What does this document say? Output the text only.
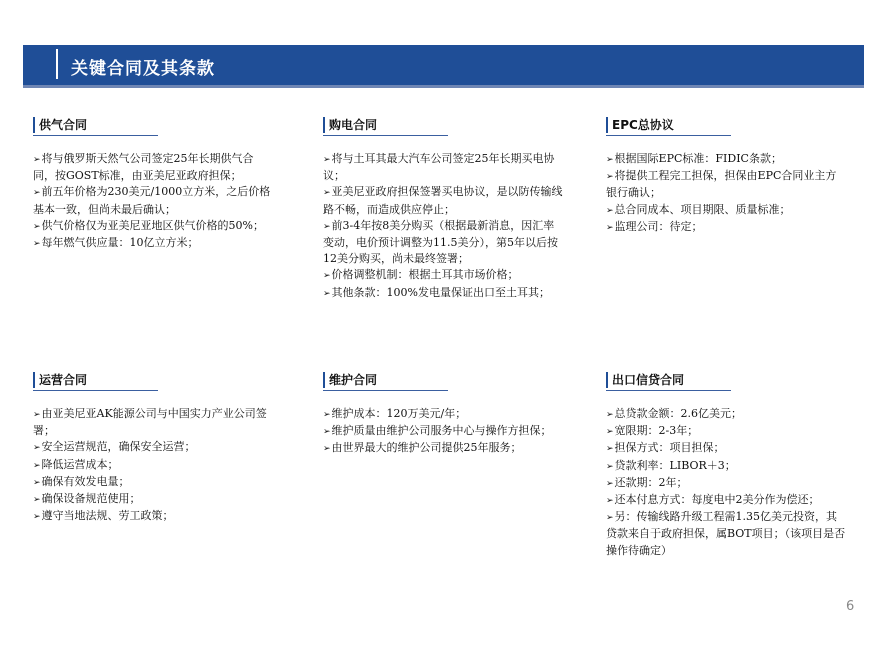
关键合同及其条款
供气合同
➢将与俄罗斯天然气公司签定25年长期供气合同，按GOST标准，由亚美尼亚政府担保；
➢前五年价格为230美元/1000立方米，之后价格基本一致，但尚未最后确认；
➢供气价格仅为亚美尼亚地区供气价格的50%；
➢每年燃气供应量：10亿立方米；
购电合同
➢将与土耳其最大汽车公司签定25年长期买电协议；
➢亚美尼亚政府担保签署买电协议，是以防传输线路不畅，而造成供应停止；
➢前3-4年按8美分购买（根据最新消息，因汇率变动，电价预计调整为11.5美分），第5年以后按12美分购买，尚未最终签署；
➢价格调整机制：根据土耳其市场价格；
➢其他条款：100%发电量保证出口至土耳其；
EPC总协议
➢根据国际EPC标准：FIDIC条款；
➢将提供工程完工担保，担保由EPC合同业主方银行确认；
➢总合同成本、项目期限、质量标准；
➢监理公司：待定；
运营合同
➢由亚美尼亚AK能源公司与中国实力产业公司签署；
➢安全运营规范，确保安全运营；
➢降低运营成本；
➢确保有效发电量；
➢确保设备规范使用；
➢遵守当地法规、劳工政策；
维护合同
➢维护成本：120万美元/年；
➢维护质量由维护公司服务中心与操作方担保；
➢由世界最大的维护公司提供25年服务；
出口信贷合同
➢总贷款金额：2.6亿美元；
➢宽限期：2-3年；
➢担保方式：项目担保；
➢贷款利率：LIBOR＋3；
➢还款期：2年；
➢还本付息方式：每度电中2美分作为偿还；
➢另：传输线路升级工程需1.35亿美元投资，其贷款来自于政府担保，属BOT项目；（该项目是否操作待确定）
6
